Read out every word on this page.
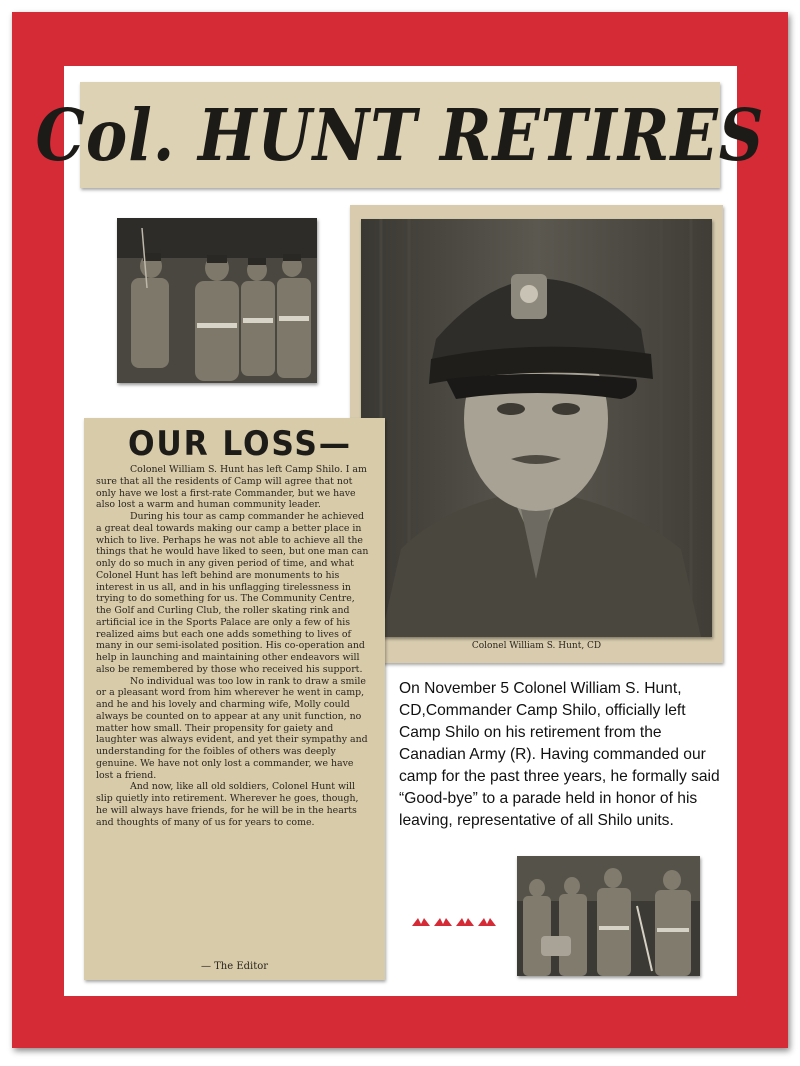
Col. HUNT RETIRES
Colonel William S. Hunt, CD
OUR LOSS—

Colonel William S. Hunt has left Camp Shilo. I am sure that all the residents of Camp will agree that not only have we lost a first-rate Commander, but we have also lost a warm and human community leader.

During his tour as camp commander he achieved a great deal towards making our camp a better place in which to live. Perhaps he was not able to achieve all the things that he would have liked to seen, but one man can only do so much in any given period of time, and what Colonel Hunt has left behind are monuments to his interest in us all, and in his unflagging tirelessness in trying to do something for us. The Community Centre, the Golf and Curling Club, the roller skating rink and artificial ice in the Sports Palace are only a few of his realized aims but each one adds something to lives of many in our semi-isolated position. His co-operation and help in launching and maintaining other endeavors will also be remembered by those who received his support.

No individual was too low in rank to draw a smile or a pleasant word from him wherever he went in camp, and he and his lovely and charming wife, Molly could always be counted on to appear at any unit function, no matter how small. Their propensity for gaiety and laughter was always evident, and yet their sympathy and understanding for the foibles of others was deeply genuine. We have not only lost a commander, we have lost a friend.

And now, like all old soldiers, Colonel Hunt will slip quietly into retirement. Wherever he goes, though, he will always have friends, for he will be in the hearts and thoughts of many of us for years to come.

— The Editor
On November 5 Colonel William S. Hunt, CD,Commander Camp Shilo, officially left Camp Shilo on his retirement from the Canadian Army (R). Having commanded our camp for the past three years, he formally said “Good-bye” to a parade held in honor of his leaving, representative of all Shilo units.
